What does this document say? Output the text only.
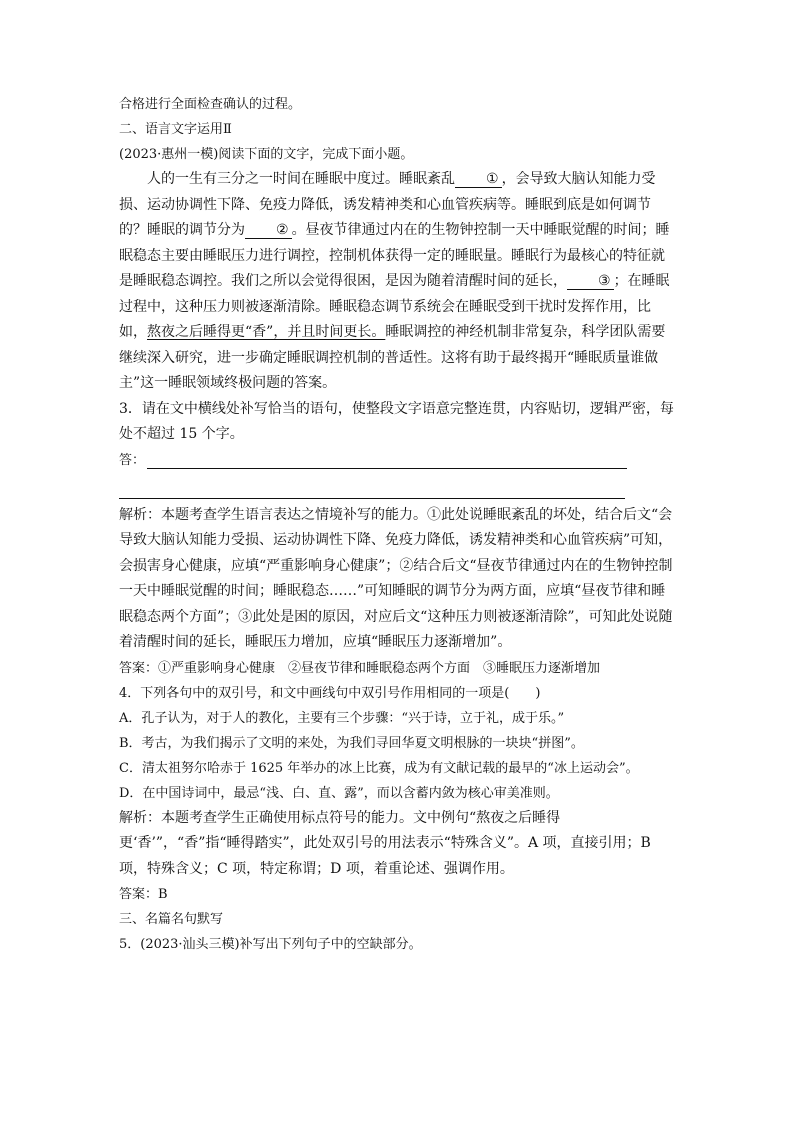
合格进行全面检查确认的过程。

二、语言文字运用Ⅱ

(2023·惠州一模)阅读下面的文字，完成下面小题。

人的一生有三分之一时间在睡眠中度过。睡眠紊乱 ① ，会导致大脑认知能力受损、运动协调性下降、免疫力降低，诱发精神类和心血管疾病等。睡眠到底是如何调节的？睡眠的调节分为 ② 。昼夜节律通过内在的生物钟控制一天中睡眠觉醒的时间；睡眠稳态主要由睡眠压力进行调控，控制机体获得一定的睡眠量。睡眠行为最核心的特征就是睡眠稳态调控。我们之所以会觉得很困，是因为随着清醒时间的延长， ③ ；在睡眠过程中，这种压力则被逐渐清除。睡眠稳态调节系统会在睡眠受到干扰时发挥作用，比如，熬夜之后睡得更“香”，并且时间更长。睡眠调控的神经机制非常复杂，科学团队需要继续深入研究，进一步确定睡眠调控机制的普适性。这将有助于最终揭开“睡眠质量谁做主”这一睡眠领域终极问题的答案。

3．请在文中横线处补写恰当的语句，使整段文字语意完整连贯，内容贴切，逻辑严密，每处不超过 15 个字。

答：

解析：本题考查学生语言表达之情境补写的能力。①此处说睡眠紊乱的坏处，结合后文“会导致大脑认知能力受损、运动协调性下降、免疫力降低，诱发精神类和心血管疾病”可知，会损害身心健康，应填“严重影响身心健康”；②结合后文“昼夜节律通过内在的生物钟控制一天中睡眠觉醒的时间；睡眠稳态……”可知睡眠的调节分为两方面，应填“昼夜节律和睡眠稳态两个方面”；③此处是困的原因，对应后文“这种压力则被逐渐清除”，可知此处说随着清醒时间的延长，睡眠压力增加，应填“睡眠压力逐渐增加”。

答案：①严重影响身心健康　②昼夜节律和睡眠稳态两个方面　③睡眠压力逐渐增加

4．下列各句中的双引号，和文中画线句中双引号作用相同的一项是(　　)

A．孔子认为，对于人的教化，主要有三个步骤：“兴于诗，立于礼，成于乐。”

B．考古，为我们揭示了文明的来处，为我们寻回华夏文明根脉的一块块“拼图”。

C．清太祖努尔哈赤于 1625 年举办的冰上比赛，成为有文献记载的最早的“冰上运动会”。

D．在中国诗词中，最忌“浅、白、直、露”，而以含蓄内敛为核心审美准则。

解析：本题考查学生正确使用标点符号的能力。文中例句“熬夜之后睡得更‘香’”，“香”指“睡得踏实”，此处双引号的用法表示“特殊含义”。A 项，直接引用；B 项，特殊含义；C 项，特定称谓；D 项，着重论述、强调作用。

答案：B

三、名篇名句默写

5．(2023·汕头三模)补写出下列句子中的空缺部分。
